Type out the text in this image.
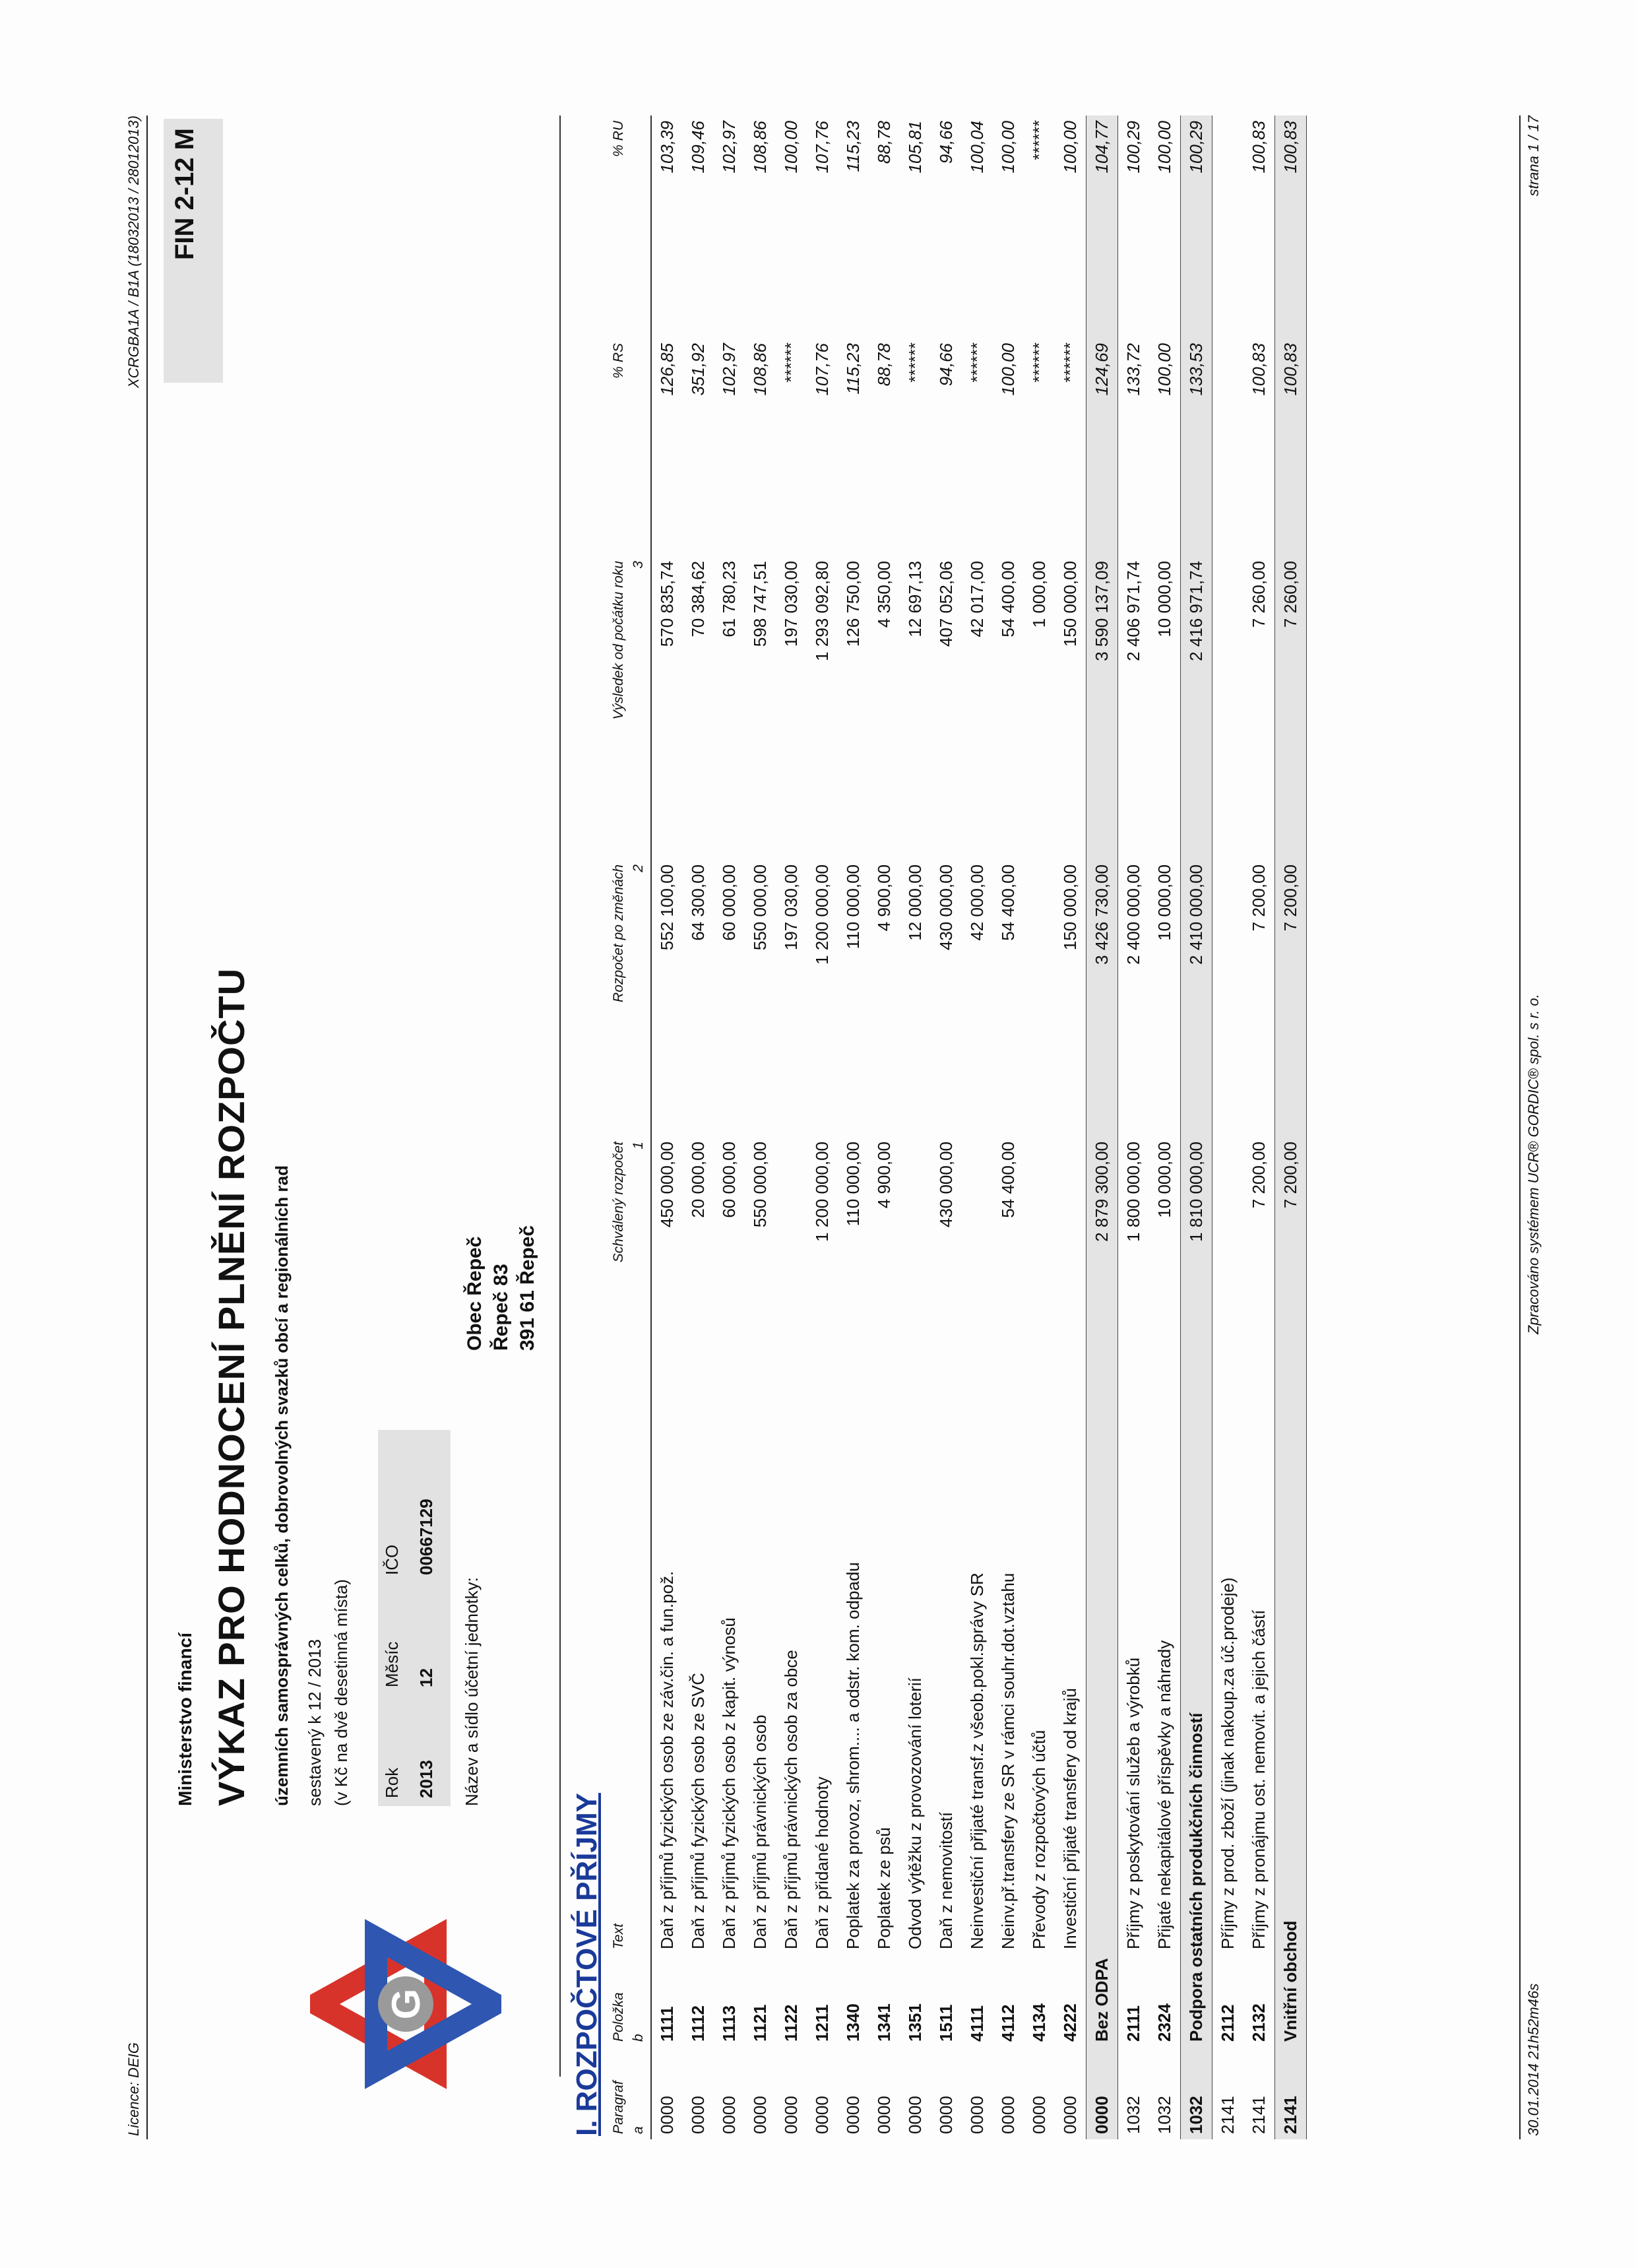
Licence: DEIG
XCRGBA1A / B1A (18032013 / 28012013) FIN 2-12 M
G
Ministerstvo financí VÝKAZ PRO HODNOCENÍ PLNĚNÍ ROZPOČTU územních samosprávných celků, dobrovolných svazků obcí a regionálních rad sestavený k 12 / 2013 (v Kč na dvě desetinná místa) Rok
Měsíc
IČO
2013
12
00667129
Název a sídlo účetní jednotky:
Obec Řepeč Řepeč 83 391 61 Řepeč
I. ROZPOČTOVÉ PŘÍJMY Paragraf	Položka	Text	Schválený rozpočet	Rozpočet po změnách	Výsledek od počátku roku	% RS	% RU
a	b		1	2	3		
0000	1111	Daň z příjmů fyzických osob ze záv.čin. a fun.pož.	450 000,00	552 100,00	570 835,74	126,85	103,39
0000	1112	Daň z příjmů fyzických osob ze SVČ	20 000,00	64 300,00	70 384,62	351,92	109,46
0000	1113	Daň z příjmů fyzických osob z kapit. výnosů	60 000,00	60 000,00	61 780,23	102,97	102,97
0000	1121	Daň z příjmů právnických osob	550 000,00	550 000,00	598 747,51	108,86	108,86
0000	1122	Daň z příjmů právnických osob za obce		197 030,00	197 030,00	******	100,00
0000	1211	Daň z přidané hodnoty	1 200 000,00	1 200 000,00	1 293 092,80	107,76	107,76
0000	1340	Poplatek za provoz, shrom.... a odstr. kom. odpadu	110 000,00	110 000,00	126 750,00	115,23	115,23
0000	1341	Poplatek ze psů	4 900,00	4 900,00	4 350,00	88,78	88,78
0000	1351	Odvod výtěžku z provozování loterií		12 000,00	12 697,13	******	105,81
0000	1511	Daň z nemovitostí	430 000,00	430 000,00	407 052,06	94,66	94,66
0000	4111	Neinvestiční přijaté transf.z všeob.pokl.správy SR		42 000,00	42 017,00	******	100,04
0000	4112	Neinv.př.transfery ze SR v rámci souhr.dot.vztahu	54 400,00	54 400,00	54 400,00	100,00	100,00
0000	4134	Převody z rozpočtových účtů			1 000,00	******	******
0000	4222	Investiční přijaté transfery od krajů		150 000,00	150 000,00	******	100,00
0000	Bez ODPA		2 879 300,00	3 426 730,00	3 590 137,09	124,69	104,77
1032	2111	Příjmy z poskytování služeb a výrobků	1 800 000,00	2 400 000,00	2 406 971,74	133,72	100,29
1032	2324	Přijaté nekapitálové příspěvky a náhrady	10 000,00	10 000,00	10 000,00	100,00	100,00
1032	Podpora ostatních produkčních činností		1 810 000,00	2 410 000,00	2 416 971,74	133,53	100,29
2141	2112	Příjmy z prod. zboží (jinak nakoup.za úč.prodeje)					
2141	2132	Příjmy z pronájmu ost. nemovit. a jejich částí	7 200,00	7 200,00	7 260,00	100,83	100,83
2141	Vnitřní obchod		7 200,00	7 200,00	7 260,00	100,83	100,83
30.01.2014 21h52m46s
Zpracováno systémem UCR® GORDIC® spol. s r. o.
strana 1 / 17
